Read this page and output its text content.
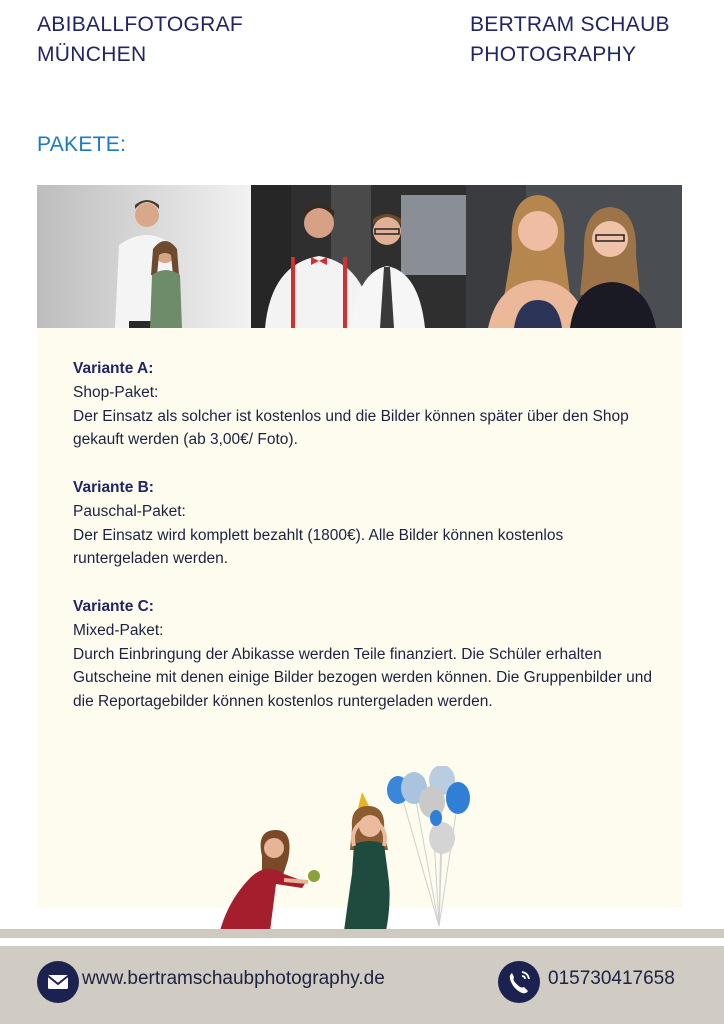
ABIBALLFOTOGRAF
MÜNCHEN
BERTRAM SCHAUB
PHOTOGRAPHY
PAKETE:
Variante A:
Shop-Paket:
Der Einsatz als solcher ist kostenlos und die Bilder können später über den Shop gekauft werden (ab 3,00€/ Foto).
Variante B:
Pauschal-Paket:
Der Einsatz wird komplett bezahlt (1800€). Alle Bilder können kostenlos runtergeladen werden.
Variante C:
Mixed-Paket:
Durch Einbringung der Abikasse werden Teile finanziert. Die Schüler erhalten Gutscheine mit denen einige Bilder bezogen werden können. Die Gruppenbilder und die Reportagebilder können kostenlos runtergeladen werden.
www.bertramschaubphotography.de	015730417658
